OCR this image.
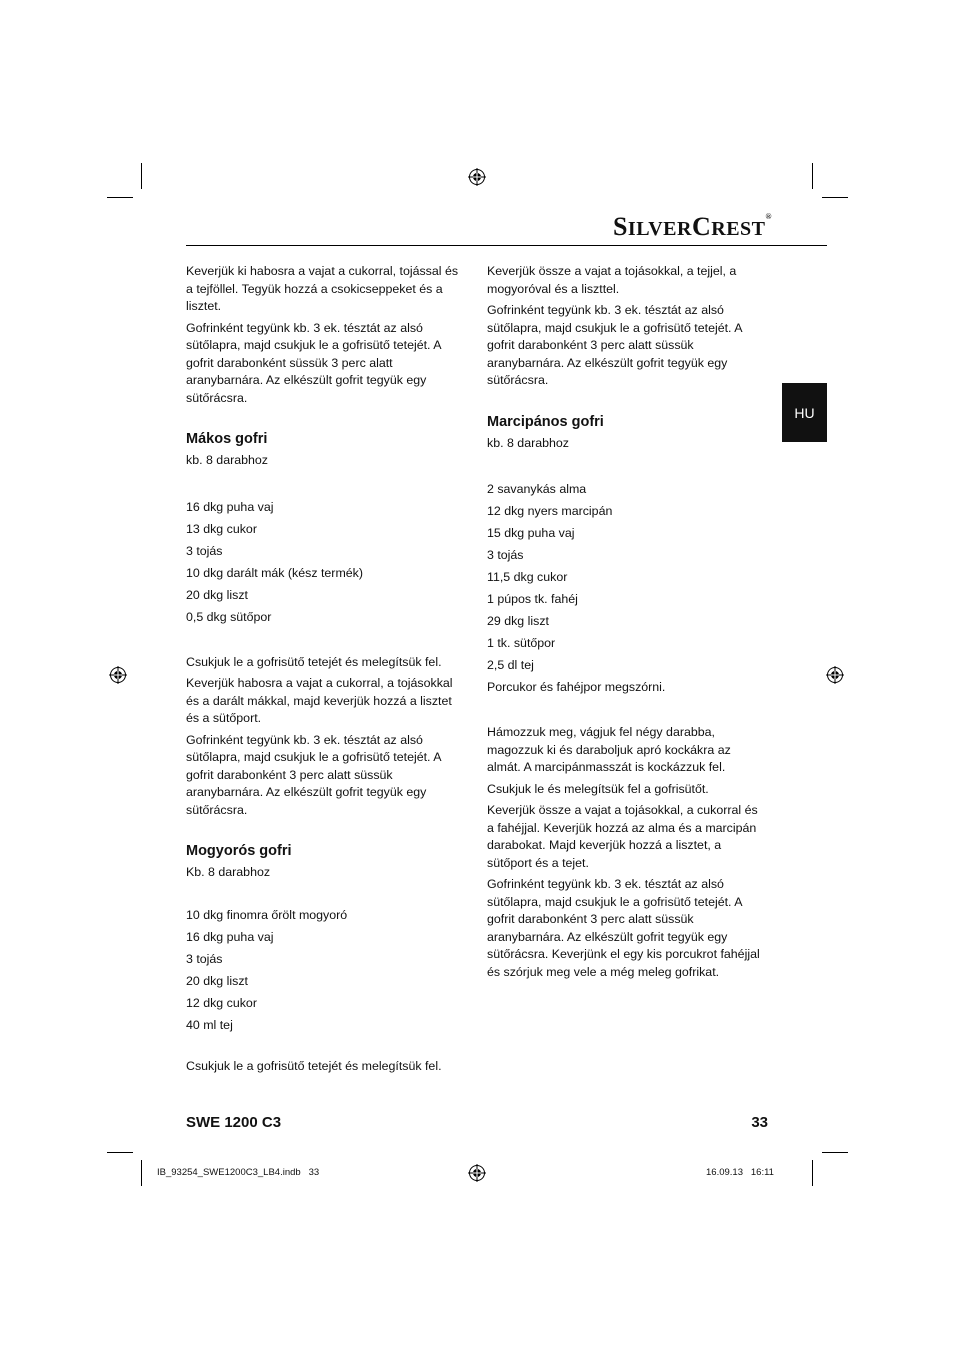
SILVERCREST®
HU

Keverjük ki habosra a vajat a cukorral, tojással és a tejföllel. Tegyük hozzá a csokicseppeket és a lisztet.

Gofrinként tegyünk kb. 3 ek. tésztát az alsó sütőlapra, majd csukjuk le a gofrisütő tetejét. A gofrit darabonként süssük 3 perc alatt aranybarnára. Az elkészült gofrit tegyük egy sütőrácsra.

Mákos gofri

kb. 8 darabhoz

16 dkg puha vaj

13 dkg cukor

3 tojás

10 dkg darált mák (kész termék)

20 dkg liszt

0,5 dkg sütőpor

Csukjuk le a gofrisütő tetejét és melegítsük fel.

Keverjük habosra a vajat a cukorral, a tojásokkal és a darált mákkal, majd keverjük hozzá a lisztet és a sütőport.

Gofrinként tegyünk kb. 3 ek. tésztát az alsó sütőlapra, majd csukjuk le a gofrisütő tetejét. A gofrit darabonként 3 perc alatt süssük aranybarnára. Az elkészült gofrit tegyük egy sütőrácsra.

Mogyorós gofri

Kb. 8 darabhoz

10 dkg finomra őrölt mogyoró

16 dkg puha vaj

3 tojás

20 dkg liszt

12 dkg cukor

40 ml tej

Csukjuk le a gofrisütő tetejét és melegítsük fel.

Keverjük össze a vajat a tojásokkal, a tejjel, a mogyoróval és a liszttel.

Gofrinként tegyünk kb. 3 ek. tésztát az alsó sütőlapra, majd csukjuk le a gofrisütő tetejét. A gofrit darabonként 3 perc alatt süssük aranybarnára. Az elkészült gofrit tegyük egy sütőrácsra.

Marcipános gofri

kb. 8 darabhoz

2 savanykás alma

12 dkg nyers marcipán

15 dkg puha vaj

3 tojás

11,5 dkg cukor

1 púpos tk. fahéj

29 dkg liszt

1 tk. sütőpor

2,5 dl tej

Porcukor és fahéjpor megszórni.

Hámozzuk meg, vágjuk fel négy darabba, magozzuk ki és daraboljuk apró kockákra az almát. A marcipánmasszát is kockázzuk fel.

Csukjuk le és melegítsük fel a gofrisütőt.

Keverjük össze a vajat a tojásokkal, a cukorral és a fahéjjal. Keverjük hozzá az alma és a marcipán darabokat. Majd keverjük hozzá a lisztet, a sütőport és a tejet.

Gofrinként tegyünk kb. 3 ek. tésztát az alsó sütőlapra, majd csukjuk le a gofrisütő tetejét. A gofrit darabonként 3 perc alatt süssük aranybarnára. Az elkészült gofrit tegyük egy sütőrácsra. Keverjünk el egy kis porcukrot fahéjjal és szórjuk meg vele a még meleg gofrikat.

SWE 1200 C3	33
IB_93254_SWE1200C3_LB4.indb   33	16.09.13   16:11
